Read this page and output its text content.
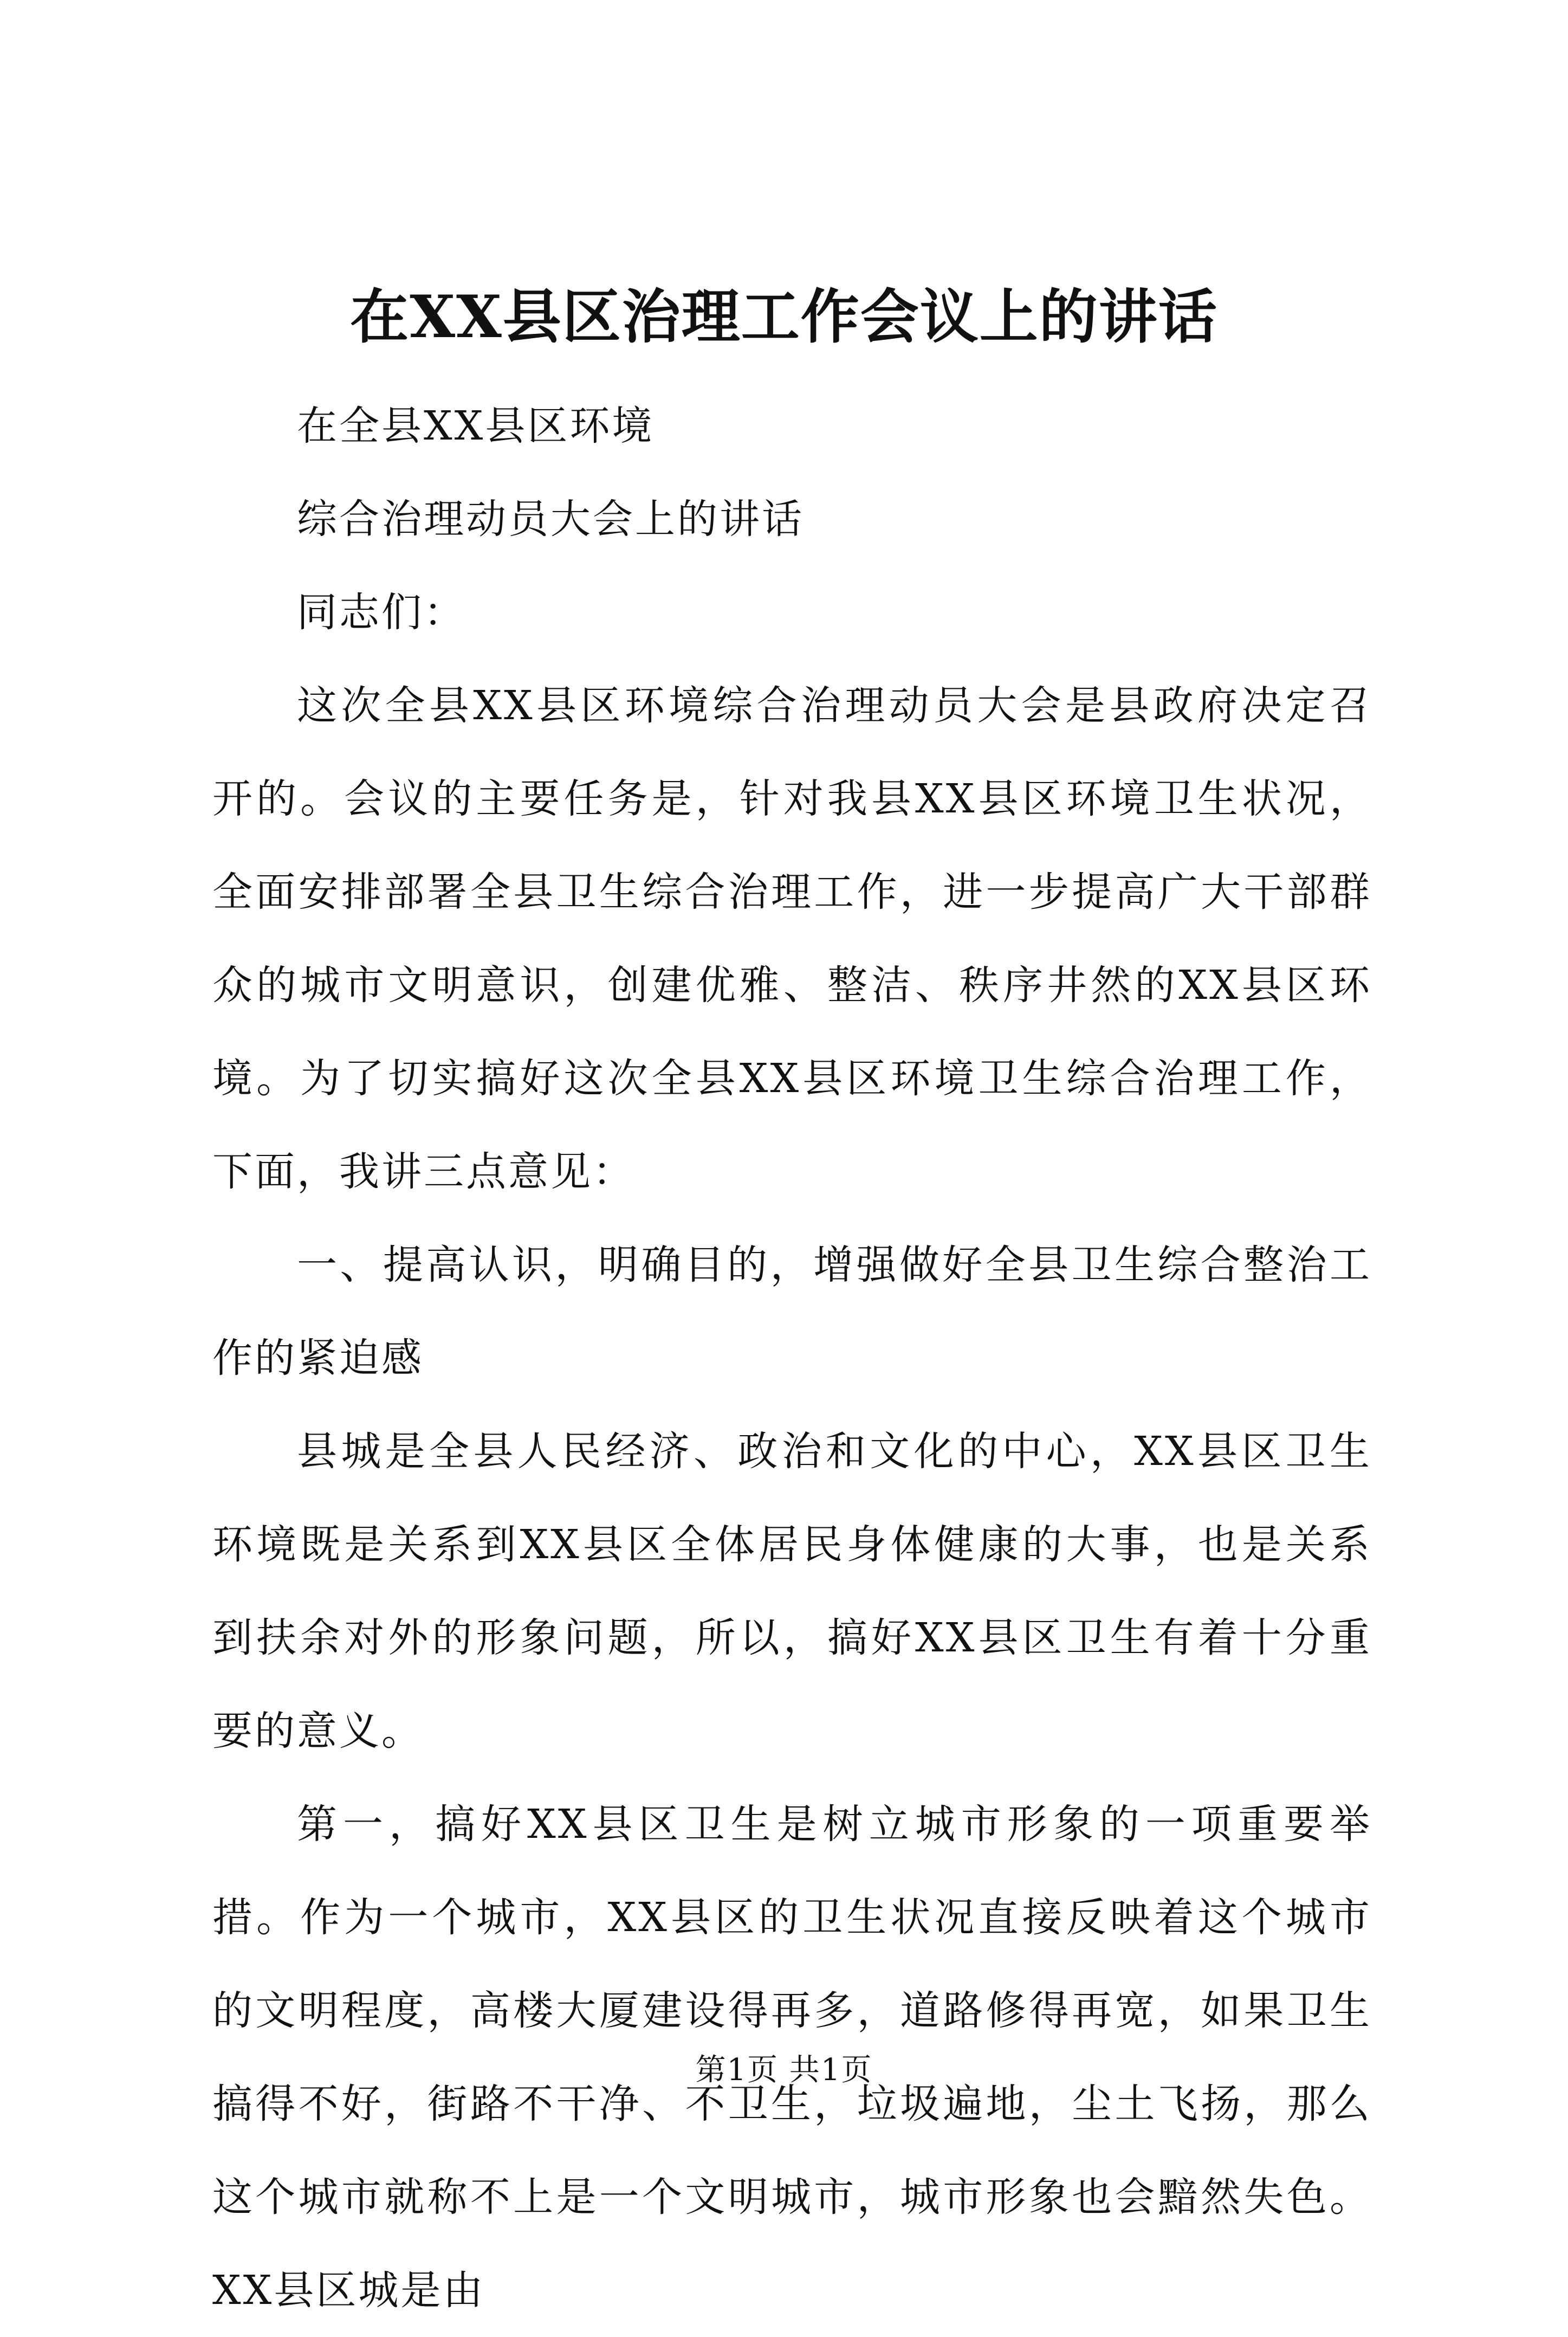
在XX县区治理工作会议上的讲话

在全县XX县区环境

综合治理动员大会上的讲话

同志们：

这次全县XX县区环境综合治理动员大会是县政府决定召开的。会议的主要任务是，针对我县XX县区环境卫生状况，全面安排部署全县卫生综合治理工作，进一步提高广大干部群众的城市文明意识，创建优雅、整洁、秩序井然的XX县区环境。为了切实搞好这次全县XX县区环境卫生综合治理工作，下面，我讲三点意见：

一、提高认识，明确目的，增强做好全县卫生综合整治工作的紧迫感

县城是全县人民经济、政治和文化的中心，XX县区卫生环境既是关系到XX县区全体居民身体健康的大事，也是关系到扶余对外的形象问题，所以，搞好XX县区卫生有着十分重要的意义。

第一，搞好XX县区卫生是树立城市形象的一项重要举措。作为一个城市，XX县区的卫生状况直接反映着这个城市的文明程度，高楼大厦建设得再多，道路修得再宽，如果卫生搞得不好，街路不干净、不卫生，垃圾遍地，尘土飞扬，那么这个城市就称不上是一个文明城市，城市形象也会黯然失色。XX县区城是由

第1页 共1页
